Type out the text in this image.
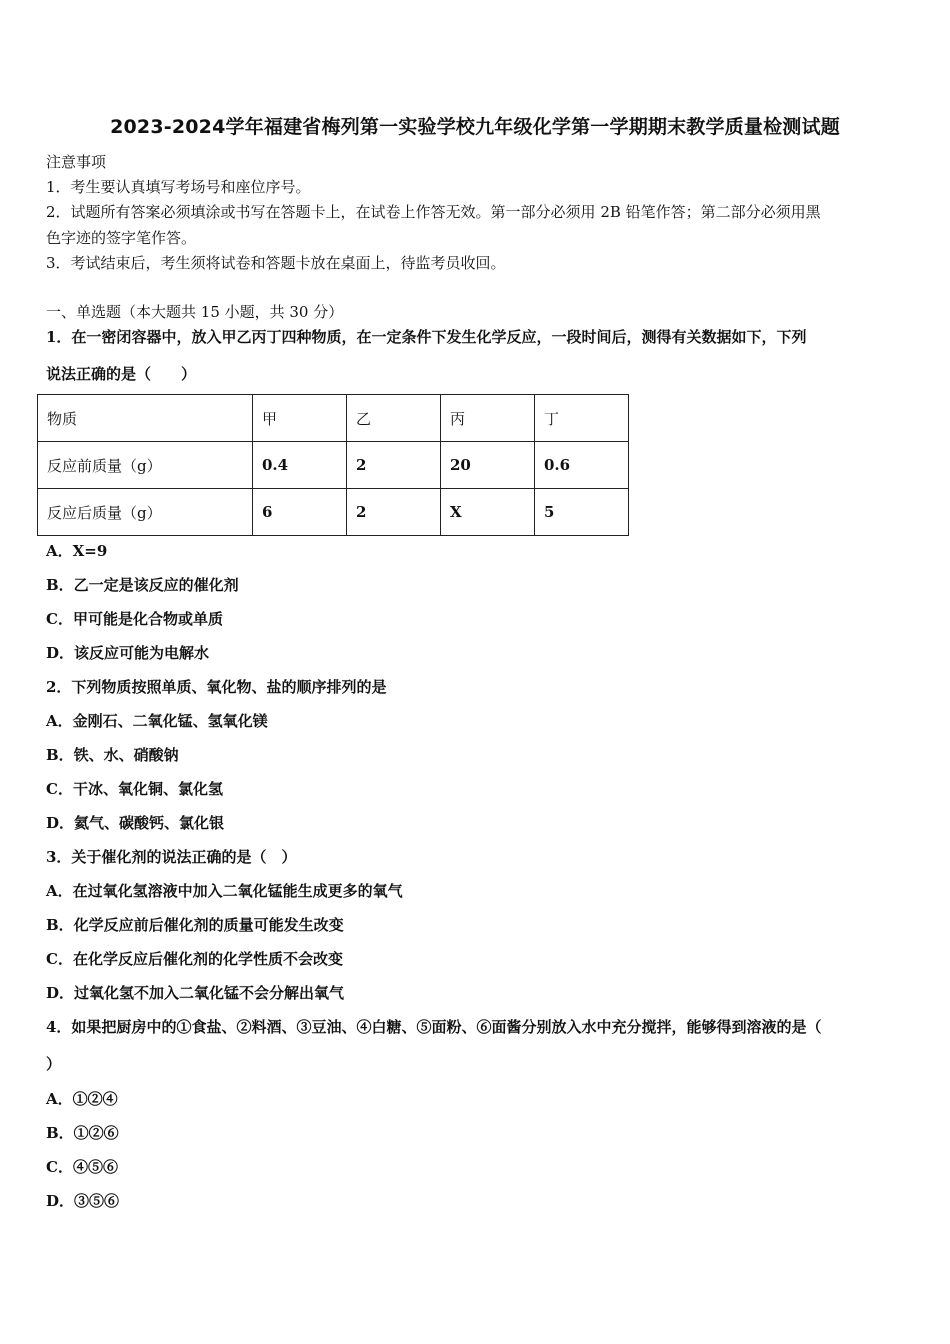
2023-2024学年福建省梅列第一实验学校九年级化学第一学期期末教学质量检测试题
注意事项
1．考生要认真填写考场号和座位序号。
2．试题所有答案必须填涂或书写在答题卡上，在试卷上作答无效。第一部分必须用 2B 铅笔作答；第二部分必须用黑
色字迹的签字笔作答。
3．考试结束后，考生须将试卷和答题卡放在桌面上，待监考员收回。
一、单选题（本大题共 15 小题，共 30 分）
1．在一密闭容器中，放入甲乙丙丁四种物质，在一定条件下发生化学反应，一段时间后，测得有关数据如下，下列
说法正确的是（　　）
物质	甲	乙	丙	丁
反应前质量（g）	0.4	2	20	0.6
反应后质量（g）	6	2	X	5
A．X=9
B．乙一定是该反应的催化剂
C．甲可能是化合物或单质
D．该反应可能为电解水
2．下列物质按照单质、氧化物、盐的顺序排列的是
A．金刚石、二氧化锰、氢氧化镁
B．铁、水、硝酸钠
C．干冰、氧化铜、氯化氢
D．氦气、碳酸钙、氯化银
3．关于催化剂的说法正确的是（　）
A．在过氧化氢溶液中加入二氧化锰能生成更多的氧气
B．化学反应前后催化剂的质量可能发生改变
C．在化学反应后催化剂的化学性质不会改变
D．过氧化氢不加入二氧化锰不会分解出氧气
4．如果把厨房中的①食盐、②料酒、③豆油、④白糖、⑤面粉、⑥面酱分别放入水中充分搅拌，能够得到溶液的是（
）
A．①②④
B．①②⑥
C．④⑤⑥
D．③⑤⑥
